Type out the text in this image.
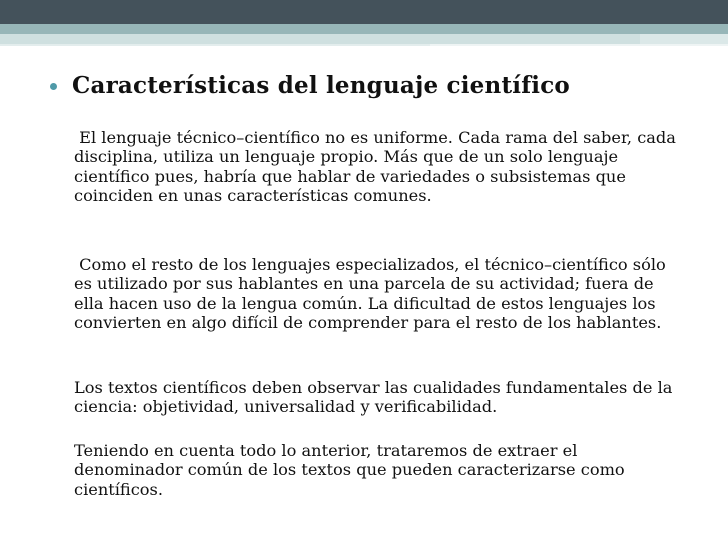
Características del lenguaje científico

El lenguaje técnico–científico no es uniforme. Cada rama del saber, cada disciplina, utiliza un lenguaje propio. Más que de un solo lenguaje científico pues, habría que hablar de variedades o subsistemas que coinciden en unas características comunes.

Como el resto de los lenguajes especializados, el técnico–científico sólo es utilizado por sus hablantes en una parcela de su actividad; fuera de ella hacen uso de la lengua común. La dificultad de estos lenguajes los convierten en algo difícil de comprender para el resto de los hablantes.

Los textos científicos deben observar las cualidades fundamentales de la ciencia: objetividad, universalidad y verificabilidad.

Teniendo en cuenta todo lo anterior, trataremos de extraer el denominador común de los textos que pueden caracterizarse como científicos.
